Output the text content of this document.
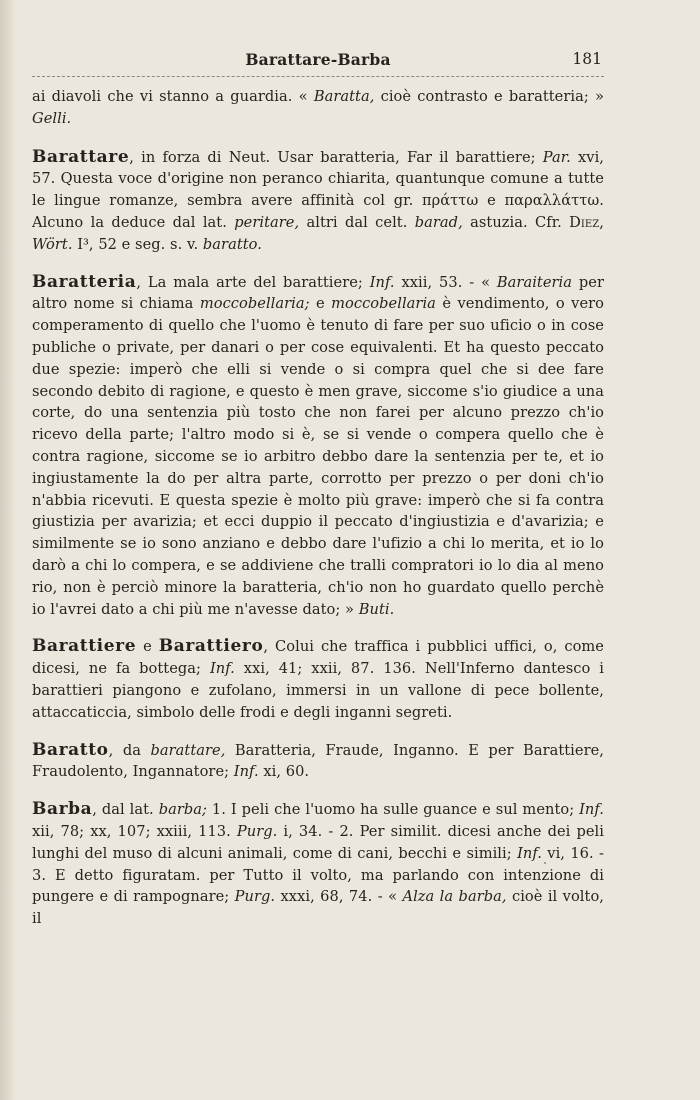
Barattare-Barba	181

ai diavoli che vi stanno a guardia. « Baratta, cioè contrasto e baratteria; » Gelli.

Barattare, in forza di Neut. Usar baratteria, Far il barattiere; Par. xvi, 57. Questa voce d'origine non peranco chiarita, quantunque comune a tutte le lingue romanze, sembra avere affinità col gr. πράττω e παραλλάττω. Alcuno la deduce dal lat. peritare, altri dal celt. barad, astuzia. Cfr. Diez, Wört. I³, 52 e seg. s. v. baratto.

Baratteria, La mala arte del barattiere; Inf. xxii, 53. - « Baraiteria per altro nome si chiama moccobellaria; e moccobellaria è vendimento, o vero comperamento di quello che l'uomo è tenuto di fare per suo uficio o in cose publiche o private, per danari o per cose equivalenti. Et ha questo peccato due spezie: imperò che elli si vende o si compra quel che si dee fare secondo debito di ragione, e questo è men grave, siccome s'io giudice a una corte, do una sentenzia più tosto che non farei per alcuno prezzo ch'io ricevo della parte; l'altro modo si è, se si vende o compera quello che è contra ragione, siccome se io arbitro debbo dare la sentenzia per te, et io ingiustamente la do per altra parte, corrotto per prezzo o per doni ch'io n'abbia ricevuti. E questa spezie è molto più grave: imperò che si fa contra giustizia per avarizia; et ecci duppio il peccato d'ingiustizia e d'avarizia; e similmente se io sono anziano e debbo dare l'ufizio a chi lo merita, et io lo darò a chi lo compera, e se addiviene che tralli compratori io lo dia al meno rio, non è perciò minore la baratteria, ch'io non ho guardato quello perchè io l'avrei dato a chi più me n'avesse dato; » Buti.

Barattiere e Barattiero, Colui che traffica i pubblici uffici, o, come dicesi, ne fa bottega; Inf. xxi, 41; xxii, 87. 136. Nell'Inferno dantesco i barattieri piangono e zufolano, immersi in un vallone di pece bollente, attaccaticcia, simbolo delle frodi e degli inganni segreti.

Baratto, da barattare, Baratteria, Fraude, Inganno. E per Barattiere, Fraudolento, Ingannatore; Inf. xi, 60.

Barba, dal lat. barba; 1. I peli che l'uomo ha sulle guance e sul mento; Inf. xii, 78; xx, 107; xxiii, 113. Purg. i, 34. - 2. Per similit. dicesi anche dei peli lunghi del muso di alcuni animali, come di cani, becchi e simili; Inf. vi, 16. - 3. E detto figuratam. per Tutto il volto, ma parlando con intenzione di pungere e di rampognare; Purg. xxxi, 68, 74. - « Alza la barba, cioè il volto, il
